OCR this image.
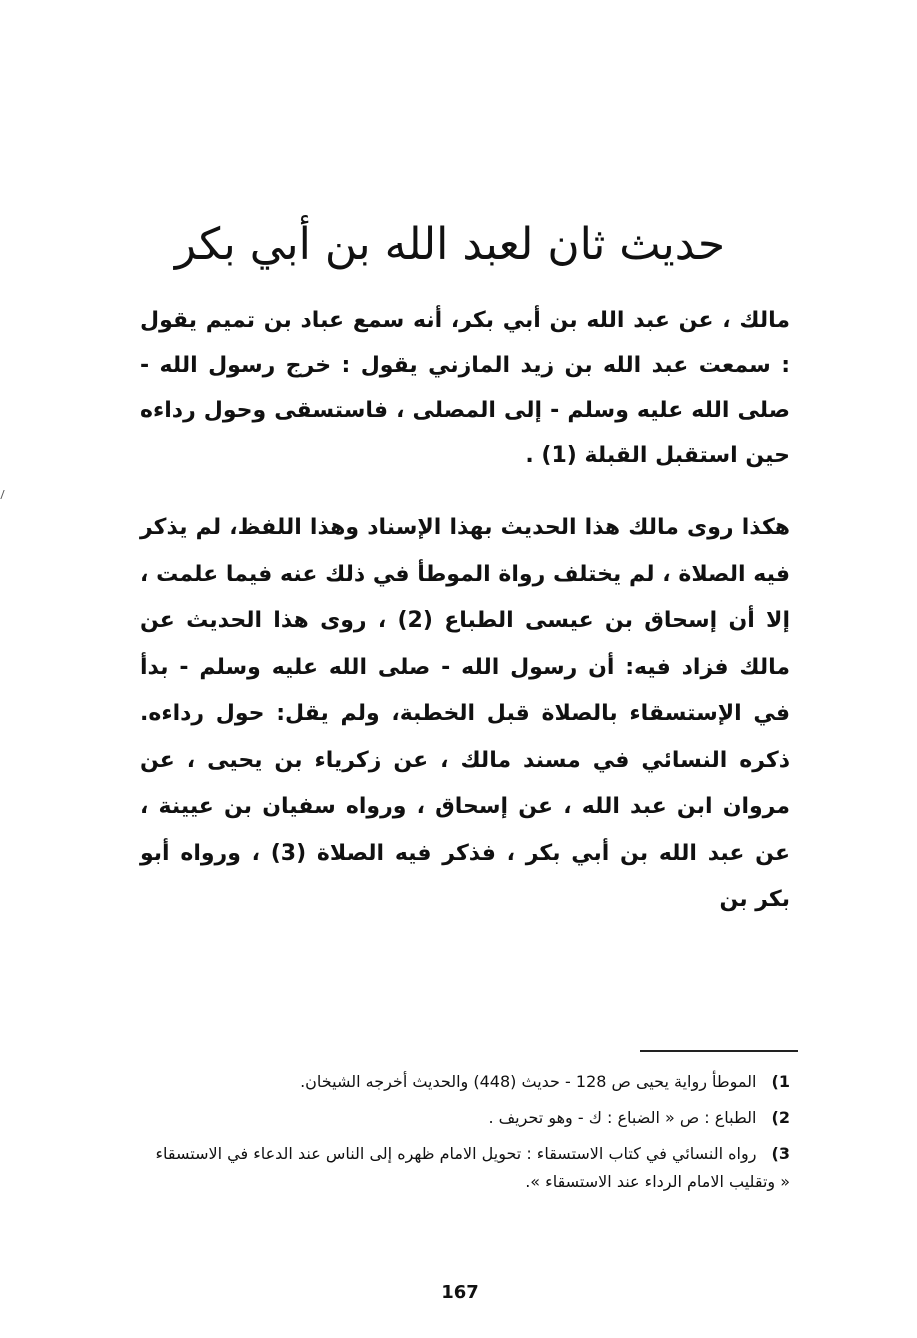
حديث ثان لعبد الله بن أبي بكر

مالك ، عن عبد الله بن أبي بكر، أنه سمع عباد بن تميم يقول : سمعت عبد الله بن زيد المازني يقول : خرج رسول الله - صلى الله عليه وسلم - إلى المصلى ، فاستسقى وحول رداءه حين استقبل القبلة (1) .

هكذا روى مالك هذا الحديث بهذا الإسناد وهذا اللفظ، لم يذكر فيه الصلاة ، لم يختلف رواة الموطأ في ذلك عنه فيما علمت ، إلا أن إسحاق بن عيسى الطباع (2) ، روى هذا الحديث عن مالك فزاد فيه: أن رسول الله - صلى الله عليه وسلم - بدأ في الإستسقاء بالصلاة قبل الخطبة، ولم يقل: حول رداءه. ذكره النسائي في مسند مالك ، عن زكرياء بن يحيى ، عن مروان ابن عبد الله ، عن إسحاق ، ورواه سفيان بن عيينة ، عن عبد الله بن أبي بكر ، فذكر فيه الصلاة (3) ، ورواه أبو بكر بن

1) الموطأ رواية يحيى ص 128 - حديث (448) والحديث أخرجه الشيخان.

2) الطباع : ص « الضباع : ك - وهو تحريف .

3) رواه النسائي في كتاب الاستسقاء : تحويل الامام ظهره إلى الناس عند الدعاء في الاستسقاء « وتقليب الامام الرداء عند الاستسقاء ».

167
